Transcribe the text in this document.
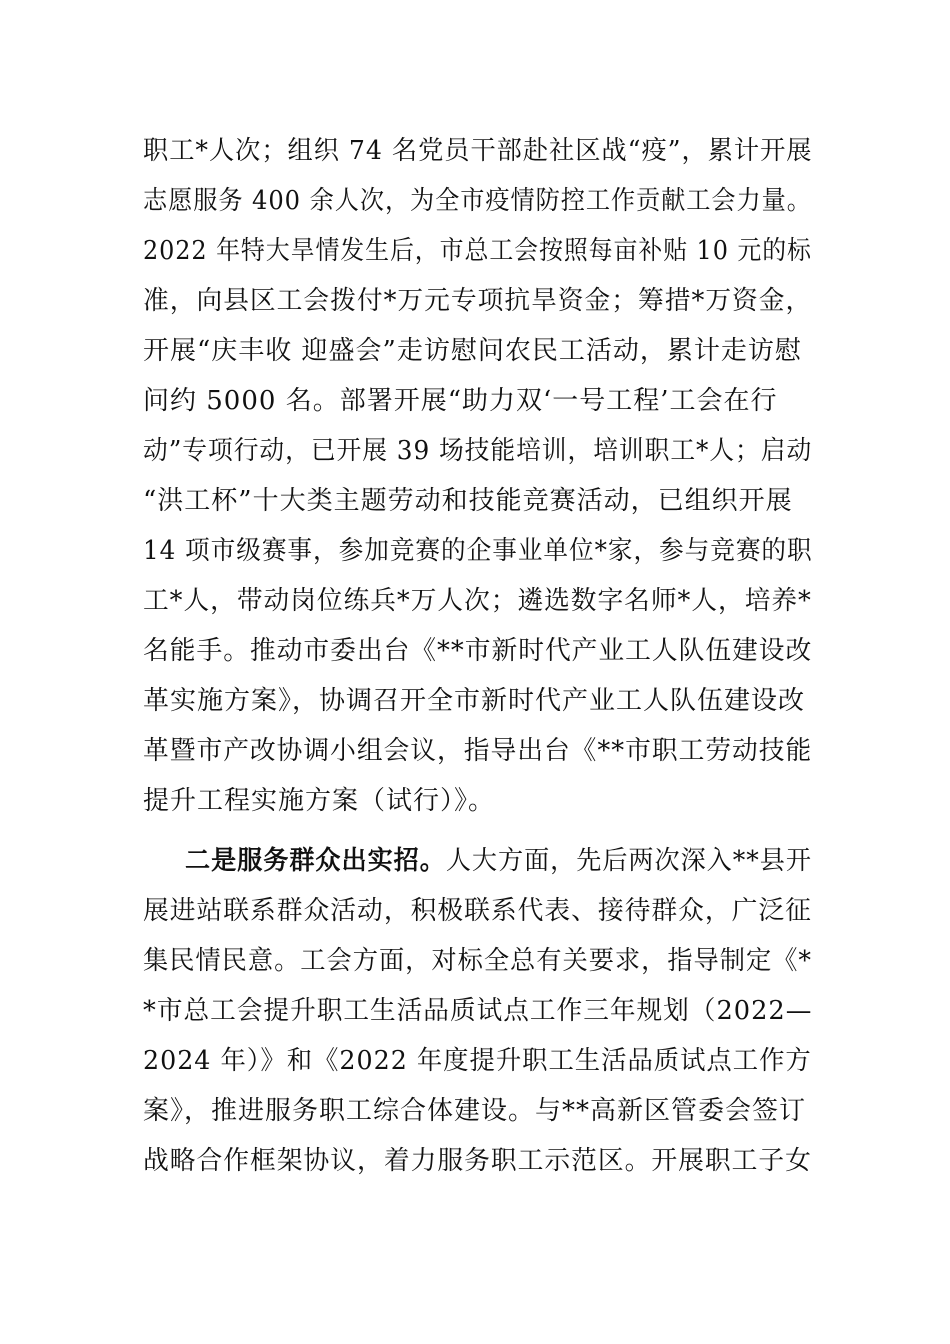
职工*人次；组织 74 名党员干部赴社区战“疫”，累计开展
志愿服务 400 余人次，为全市疫情防控工作贡献工会力量。
2022 年特大旱情发生后，市总工会按照每亩补贴 10 元的标
准，向县区工会拨付*万元专项抗旱资金；筹措*万资金，
开展“庆丰收 迎盛会”走访慰问农民工活动，累计走访慰
问约 5000 名。部署开展“助力双‘一号工程’工会在行
动”专项行动，已开展 39 场技能培训，培训职工*人；启动
“洪工杯”十大类主题劳动和技能竞赛活动，已组织开展
14 项市级赛事，参加竞赛的企事业单位*家，参与竞赛的职
工*人，带动岗位练兵*万人次；遴选数字名师*人，培养*
名能手。推动市委出台《**市新时代产业工人队伍建设改
革实施方案》，协调召开全市新时代产业工人队伍建设改
革暨市产改协调小组会议，指导出台《**市职工劳动技能
提升工程实施方案（试行）》。
二是服务群众出实招。人大方面，先后两次深入**县开
展进站联系群众活动，积极联系代表、接待群众，广泛征
集民情民意。工会方面，对标全总有关要求，指导制定《*
*市总工会提升职工生活品质试点工作三年规划（2022—
2024 年）》和《2022 年度提升职工生活品质试点工作方
案》，推进服务职工综合体建设。与**高新区管委会签订
战略合作框架协议，着力服务职工示范区。开展职工子女
